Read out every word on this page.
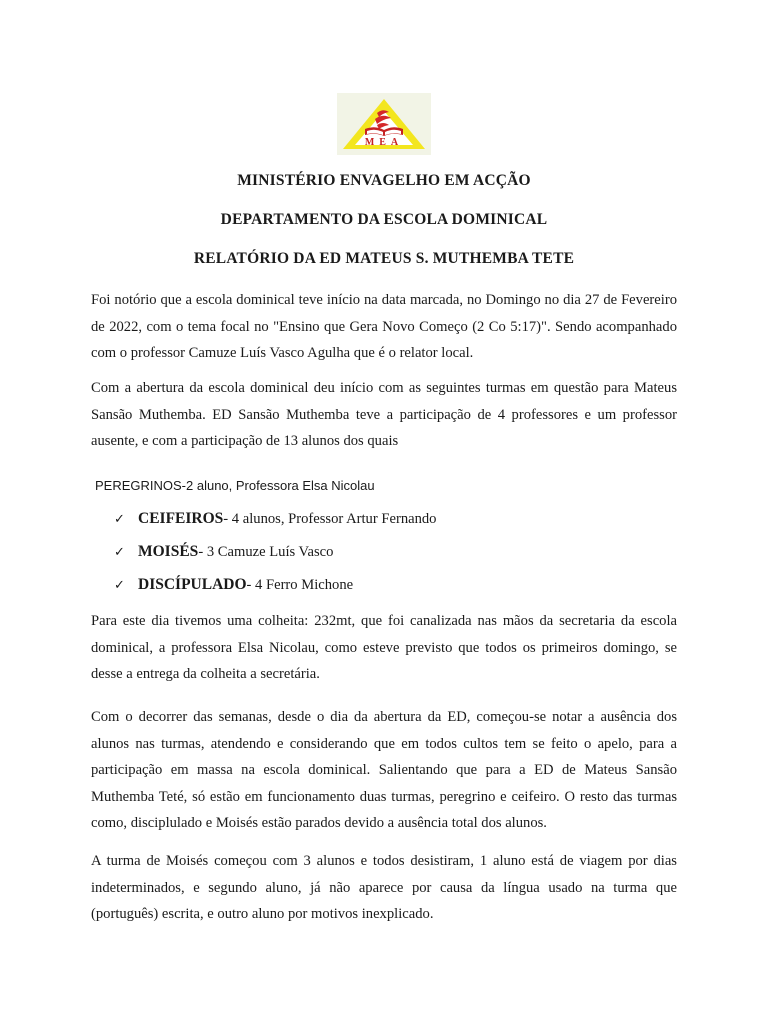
MEA
MINISTÉRIO ENVAGELHO EM ACÇÃO
DEPARTAMENTO DA ESCOLA DOMINICAL
RELATÓRIO DA ED MATEUS S. MUTHEMBA TETE

Foi notório que a escola dominical teve início na data marcada, no Domingo no dia 27 de Fevereiro de 2022, com o tema focal no "Ensino que Gera Novo Começo (2 Co 5:17)". Sendo acompanhado com o professor Camuze Luís Vasco Agulha que é o relator local.

Com a abertura da escola dominical deu início com as seguintes turmas em questão para Mateus Sansão Muthemba. ED Sansão Muthemba teve a participação de 4 professores e um professor ausente, e com a participação de 13 alunos dos quais

PEREGRINOS-2 aluno, Professora Elsa Nicolau
✓ CEIFEIROS- 4 alunos, Professor Artur Fernando
✓ MOISÉS- 3 Camuze Luís Vasco
✓ DISCÍPULADO- 4 Ferro Michone

Para este dia tivemos uma colheita: 232mt, que foi canalizada nas mãos da secretaria da escola dominical, a professora Elsa Nicolau, como esteve previsto que todos os primeiros domingo, se desse a entrega da colheita a secretária.

Com o decorrer das semanas, desde o dia da abertura da ED, começou-se notar a ausência dos alunos nas turmas, atendendo e considerando que em todos cultos tem se feito o apelo, para a participação em massa na escola dominical. Salientando que para a ED de Mateus Sansão Muthemba Teté, só estão em funcionamento duas turmas, peregrino e ceifeiro. O resto das turmas como, disciplulado e Moisés estão parados devido a ausência total dos alunos.

A turma de Moisés começou com 3 alunos e todos desistiram, 1 aluno está de viagem por dias indeterminados, e segundo aluno, já não aparece por causa da língua usado na turma que (português) escrita, e outro aluno por motivos inexplicado.
